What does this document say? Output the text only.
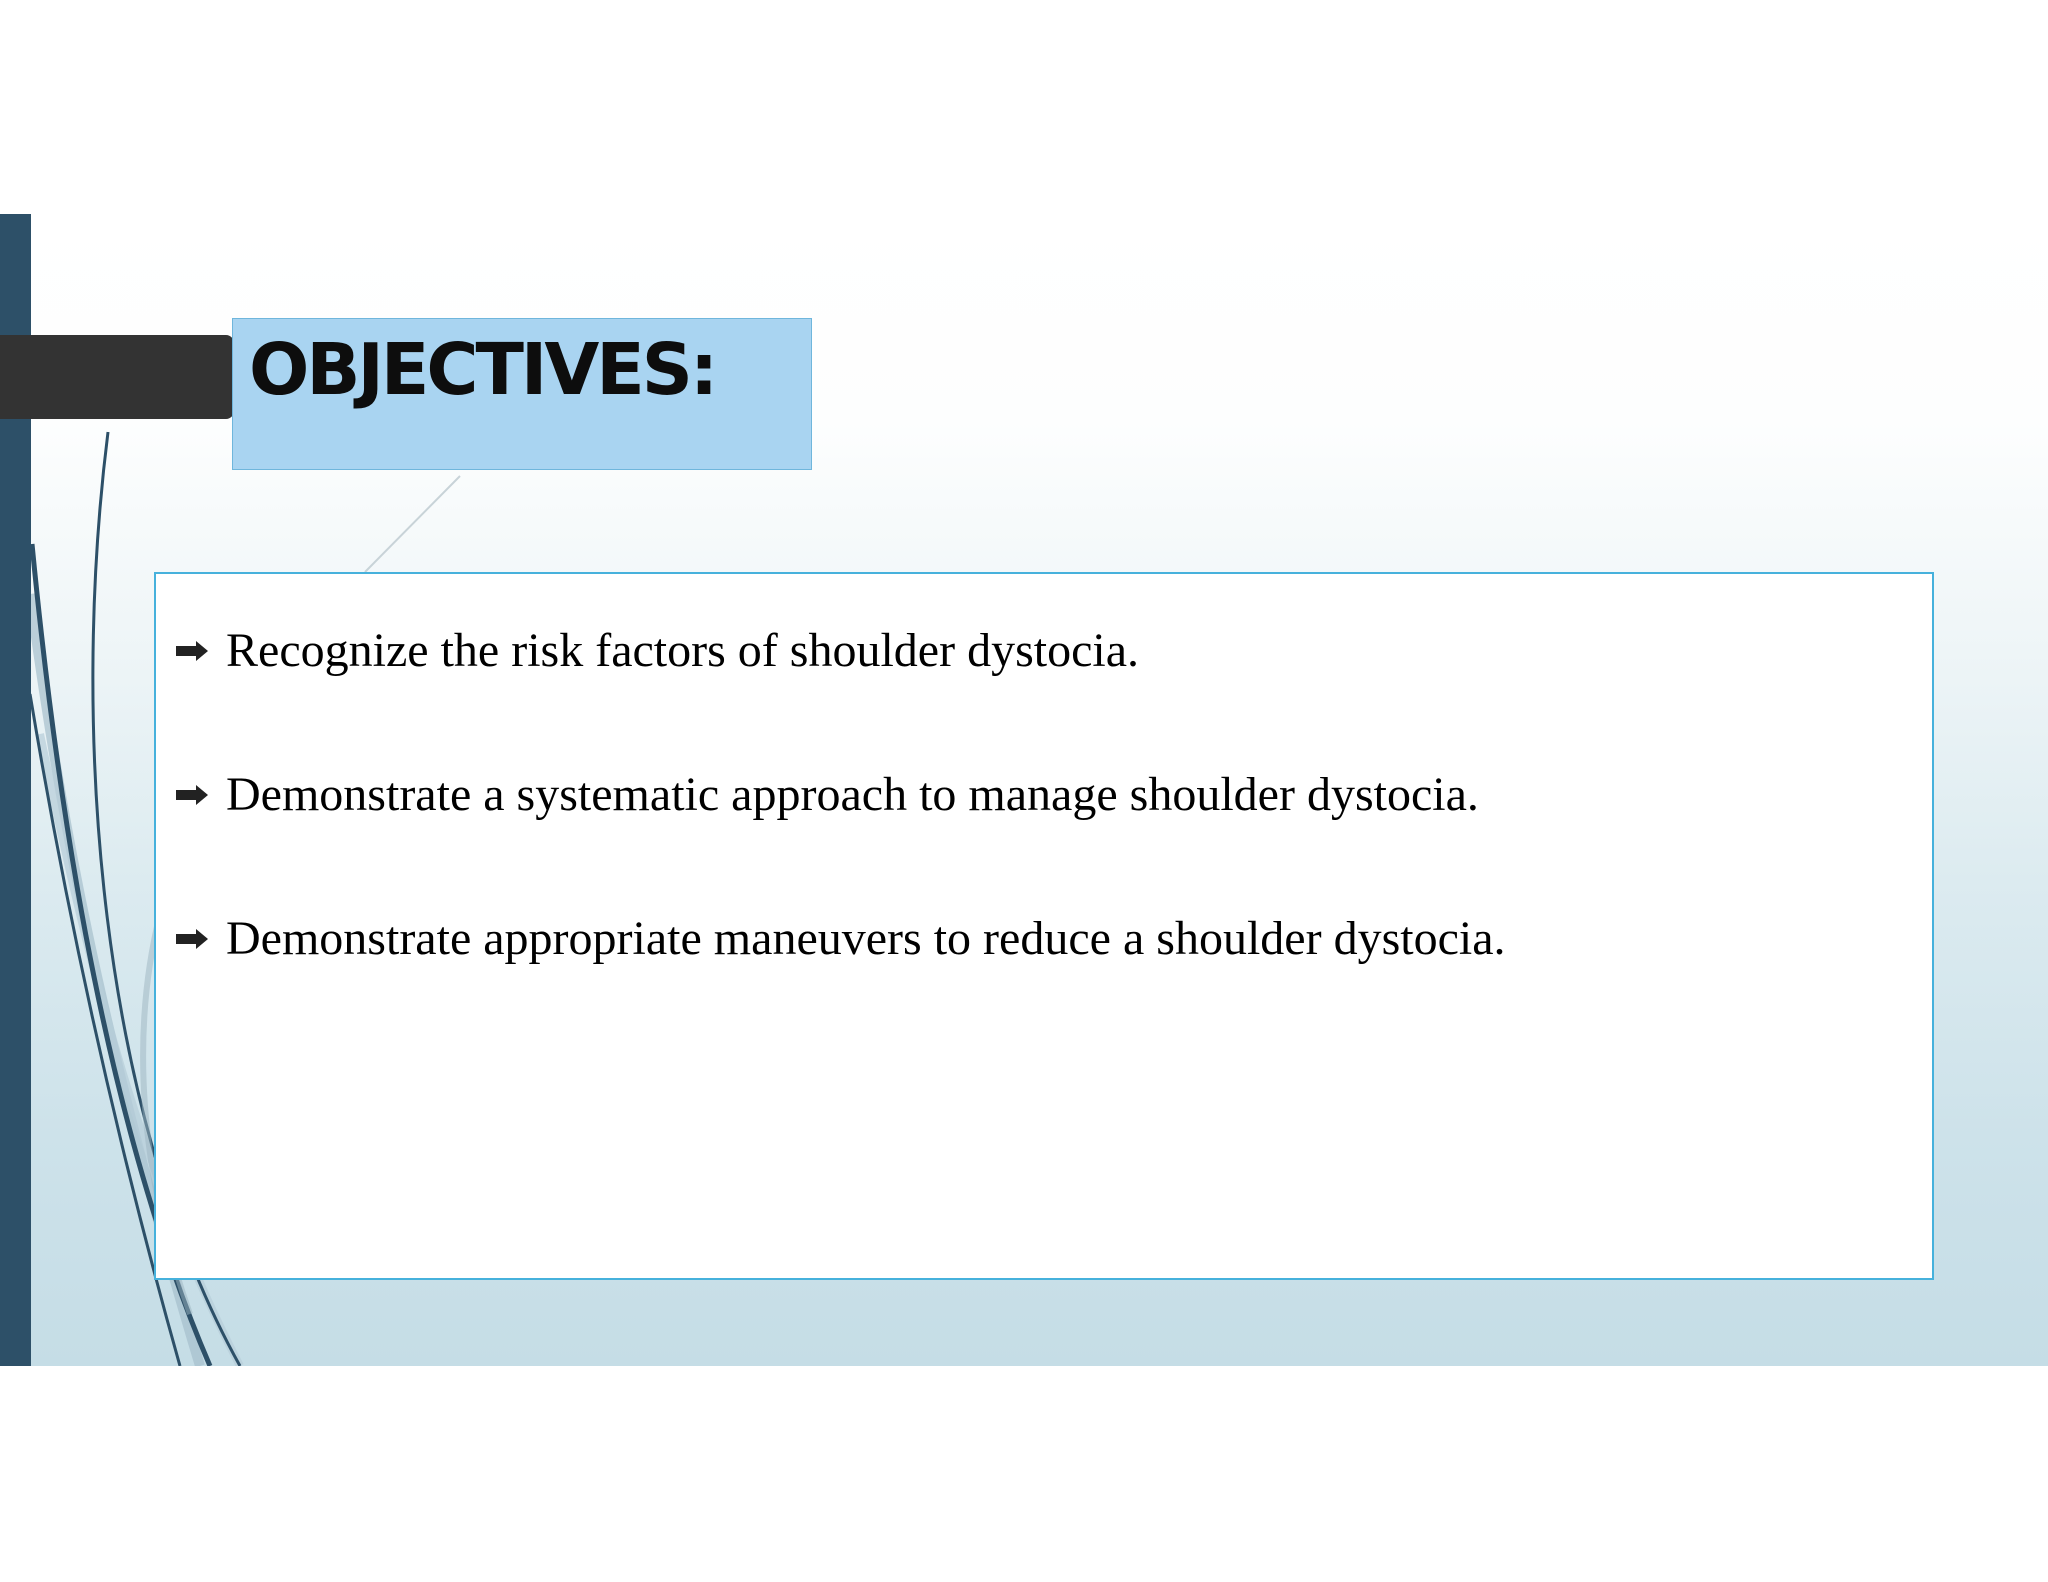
OBJECTIVES:
Recognize the risk factors of shoulder dystocia.
Demonstrate a systematic approach to manage shoulder dystocia.
Demonstrate appropriate maneuvers to reduce a shoulder dystocia.
